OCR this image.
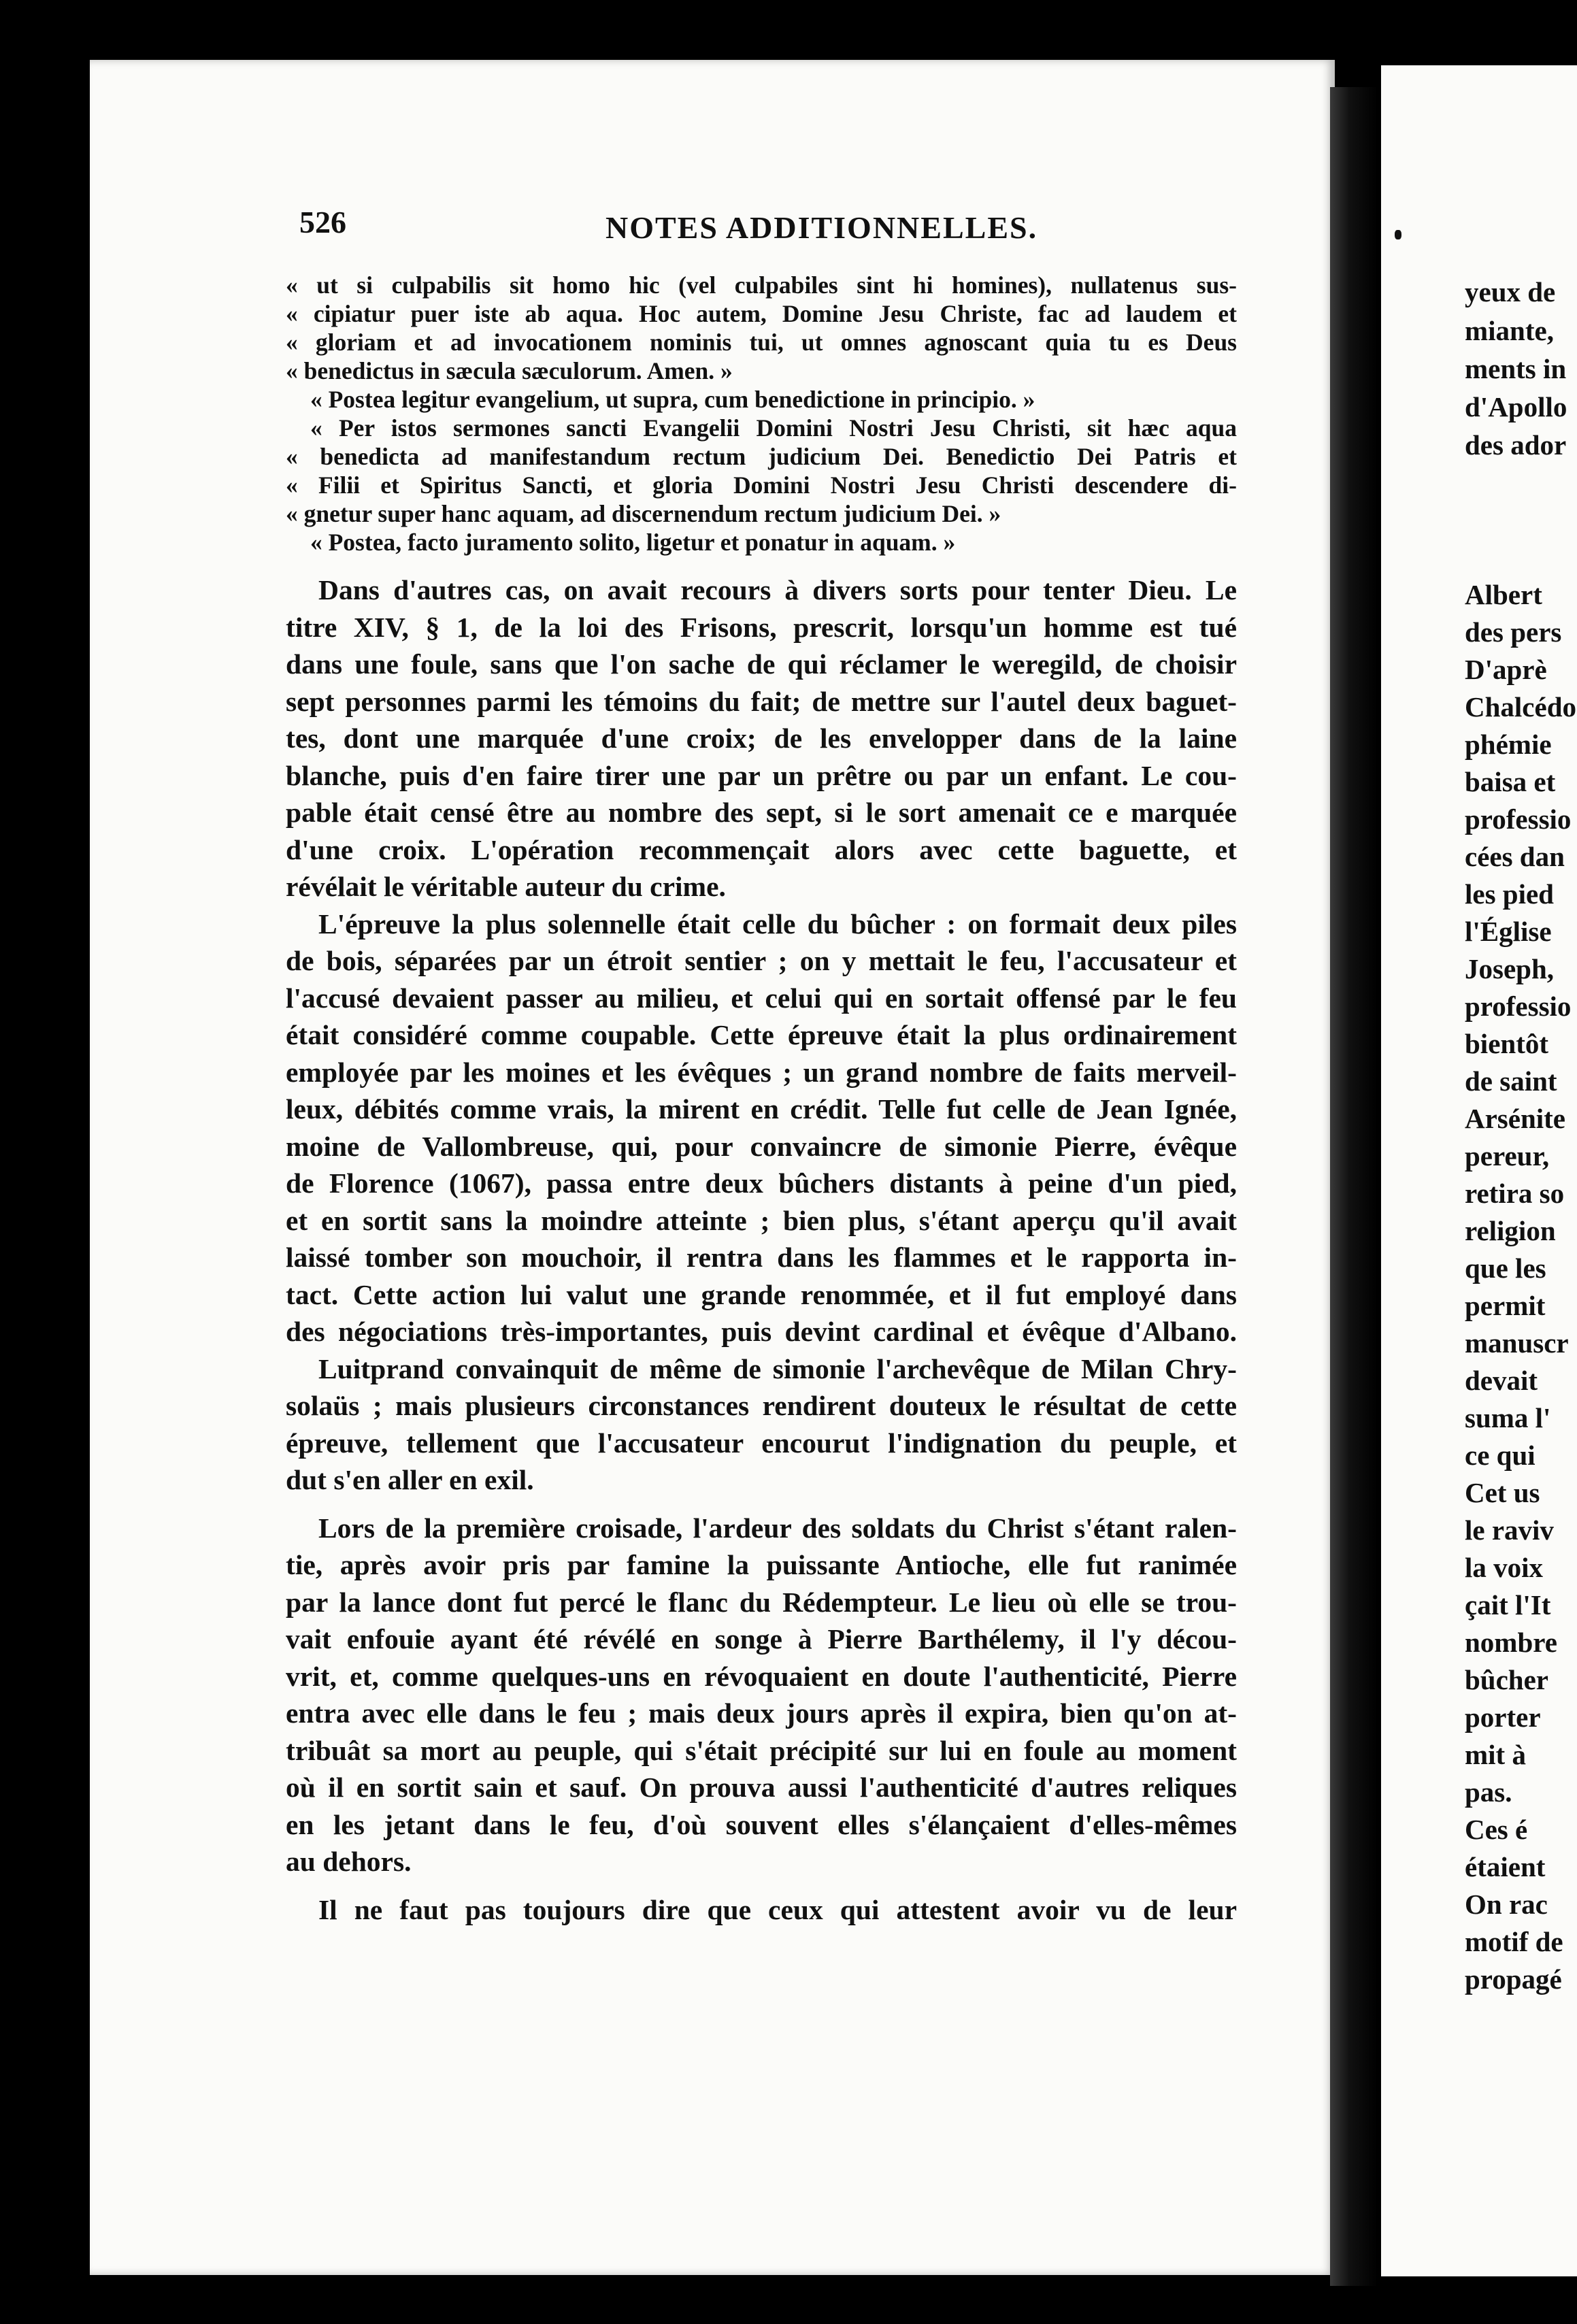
526	NOTES ADDITIONNELLES.
« ut si culpabilis sit homo hic (vel culpabiles sint hi homines), nullatenus sus-
« cipiatur puer iste ab aqua. Hoc autem, Domine Jesu Christe, fac ad laudem et
« gloriam et ad invocationem nominis tui, ut omnes agnoscant quia tu es Deus
« benedictus in sæcula sæculorum. Amen. »
« Postea legitur evangelium, ut supra, cum benedictione in principio. »
« Per istos sermones sancti Evangelii Domini Nostri Jesu Christi, sit hæc aqua
« benedicta ad manifestandum rectum judicium Dei. Benedictio Dei Patris et
« Filii et Spiritus Sancti, et gloria Domini Nostri Jesu Christi descendere di-
« gnetur super hanc aquam, ad discernendum rectum judicium Dei. »
« Postea, facto juramento solito, ligetur et ponatur in aquam. »
Dans d'autres cas, on avait recours à divers sorts pour tenter Dieu. Le
titre XIV, § 1, de la loi des Frisons, prescrit, lorsqu'un homme est tué
dans une foule, sans que l'on sache de qui réclamer le weregild, de choisir
sept personnes parmi les témoins du fait; de mettre sur l'autel deux baguet-
tes, dont une marquée d'une croix; de les envelopper dans de la laine
blanche, puis d'en faire tirer une par un prêtre ou par un enfant. Le cou-
pable était censé être au nombre des sept, si le sort amenait ce e marquée
d'une croix. L'opération recommençait alors avec cette baguette, et
révélait le véritable auteur du crime.
L'épreuve la plus solennelle était celle du bûcher : on formait deux piles
de bois, séparées par un étroit sentier ; on y mettait le feu, l'accusateur et
l'accusé devaient passer au milieu, et celui qui en sortait offensé par le feu
était considéré comme coupable. Cette épreuve était la plus ordinairement
employée par les moines et les évêques ; un grand nombre de faits merveil-
leux, débités comme vrais, la mirent en crédit. Telle fut celle de Jean Ignée,
moine de Vallombreuse, qui, pour convaincre de simonie Pierre, évêque
de Florence (1067), passa entre deux bûchers distants à peine d'un pied,
et en sortit sans la moindre atteinte ; bien plus, s'étant aperçu qu'il avait
laissé tomber son mouchoir, il rentra dans les flammes et le rapporta in-
tact. Cette action lui valut une grande renommée, et il fut employé dans
des négociations très-importantes, puis devint cardinal et évêque d'Albano.
Luitprand convainquit de même de simonie l'archevêque de Milan Chry-
solaüs ; mais plusieurs circonstances rendirent douteux le résultat de cette
épreuve, tellement que l'accusateur encourut l'indignation du peuple, et
dut s'en aller en exil.
Lors de la première croisade, l'ardeur des soldats du Christ s'étant ralen-
tie, après avoir pris par famine la puissante Antioche, elle fut ranimée
par la lance dont fut percé le flanc du Rédempteur. Le lieu où elle se trou-
vait enfouie ayant été révélé en songe à Pierre Barthélemy, il l'y décou-
vrit, et, comme quelques-uns en révoquaient en doute l'authenticité, Pierre
entra avec elle dans le feu ; mais deux jours après il expira, bien qu'on at-
tribuât sa mort au peuple, qui s'était précipité sur lui en foule au moment
où il en sortit sain et sauf. On prouva aussi l'authenticité d'autres reliques
en les jetant dans le feu, d'où souvent elles s'élançaient d'elles-mêmes
au dehors.
Il ne faut pas toujours dire que ceux qui attestent avoir vu de leur
yeux de
miante,
ments in
d'Apollo
des ador
Albert
des pers
D'aprè
Chalcédo
phémie
baisa et
professio
cées dan
les pied
l'Église
Joseph,
professio
bientôt
de saint
Arsénite
pereur,
retira so
religion
que les
permit
manuscr
devait
suma l'
ce qui
Cet us
le raviv
la voix
çait l'It
nombre
bûcher
porter
mit à
pas.
Ces é
étaient
On rac
motif de
propagé
